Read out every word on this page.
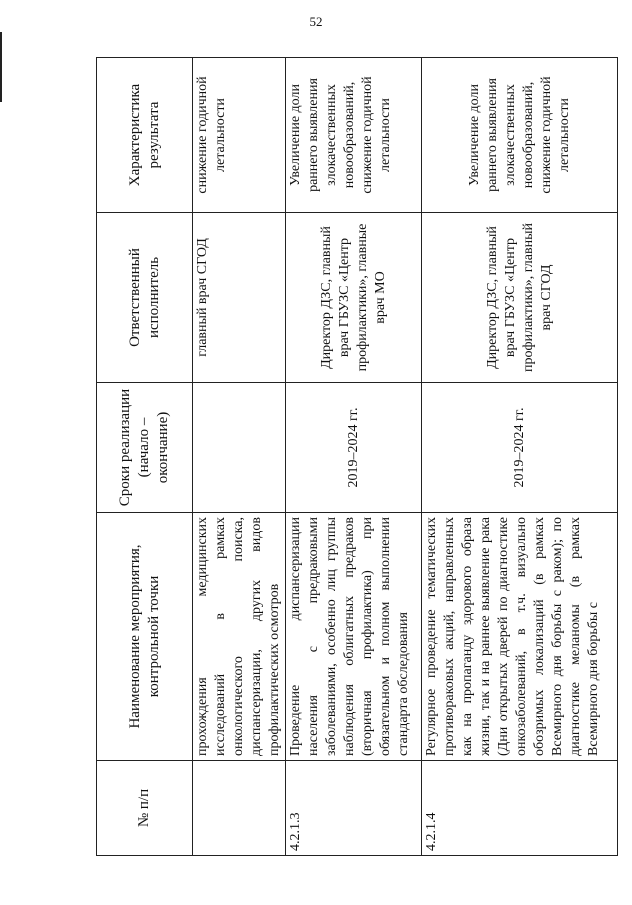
52
№ п/п	Наименование мероприятия, контрольной точки	Сроки реализации (начало – окончание)	Ответственный исполнитель	Характеристика результата
	прохождения медицинских исследований в рамках онкологического поиска, диспансеризации, других видов профилактических осмотров		главный врач СГОД	снижение годичной летальности
4.2.1.3	Проведение диспансеризации населения с предраковыми заболеваниями, особенно лиц группы наблюдения облигатных предраков (вторичная профилактика) при обязательном и полном выполнении стандарта обследования	2019–2024 гг.	Директор ДЗС, главный врач ГБУЗС «Центр профилактики», главные врач МО	Увеличение доли раннего выявления злокачественных новообразований, снижение годичной летальности
4.2.1.4	Регулярное проведение тематических противораковых акций, направленных как на пропаганду здорового образа жизни, так и на раннее выявление рака (Дни открытых дверей по диагностике онкозаболеваний, в т.ч. визуально обозримых локализаций (в рамках Всемирного дня борьбы с раком); по диагностике меланомы (в рамках Всемирного дня борьбы с	2019–2024 гг.	Директор ДЗС, главный врач ГБУЗС «Центр профилактики», главный врач СГОД	Увеличение доли раннего выявления злокачественных новообразований, снижение годичной летальности
